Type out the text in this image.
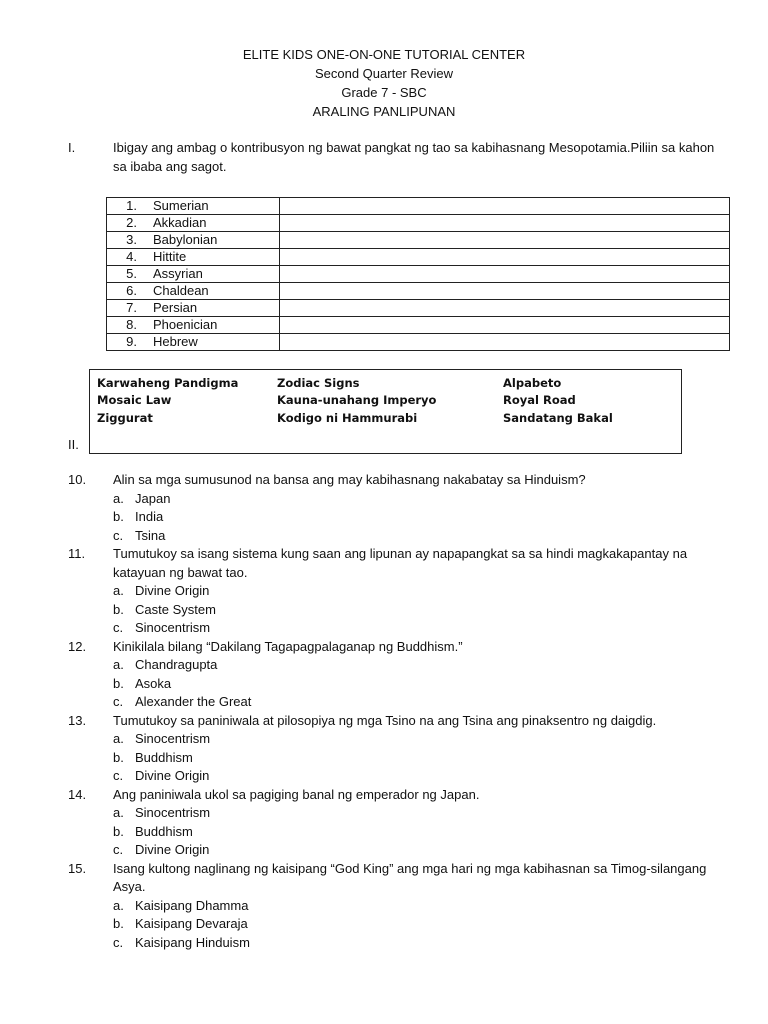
ELITE KIDS ONE-ON-ONE TUTORIAL CENTER
Second Quarter Review
Grade 7 - SBC
ARALING PANLIPUNAN
I.	Ibigay ang ambag o kontribusyon ng bawat pangkat ng tao sa kabihasnang Mesopotamia.Piliin sa kahon sa ibaba ang sagot.
1. Sumerian	
2. Akkadian	
3. Babylonian	
4. Hittite	
5. Assyrian	
6. Chaldean	
7. Persian	
8. Phoenician	
9. Hebrew	
Karwaheng Pandigma	Zodiac Signs	Alpabeto
Mosaic Law	Kauna-unahang Imperyo	Royal Road
Ziggurat	Kodigo ni Hammurabi	Sandatang Bakal
II.
10. Alin sa mga sumusunod na bansa ang may kabihasnang nakabatay sa Hinduism?
a. Japan
b. India
c. Tsina
11. Tumutukoy sa isang sistema kung saan ang lipunan ay napapangkat sa sa hindi magkakapantay na katayuan ng bawat tao.
a. Divine Origin
b. Caste System
c. Sinocentrism
12. Kinikilala bilang “Dakilang Tagapagpalaganap ng Buddhism.”
a. Chandragupta
b. Asoka
c. Alexander the Great
13. Tumutukoy sa paniniwala at pilosopiya ng mga Tsino na ang Tsina ang pinaksentro ng daigdig.
a. Sinocentrism
b. Buddhism
c. Divine Origin
14. Ang paniniwala ukol sa pagiging banal ng emperador ng Japan.
a. Sinocentrism
b. Buddhism
c. Divine Origin
15. Isang kultong naglinang ng kaisipang “God King” ang mga hari ng mga kabihasnan sa Timog-silangang Asya.
a. Kaisipang Dhamma
b. Kaisipang Devaraja
c. Kaisipang Hinduism
